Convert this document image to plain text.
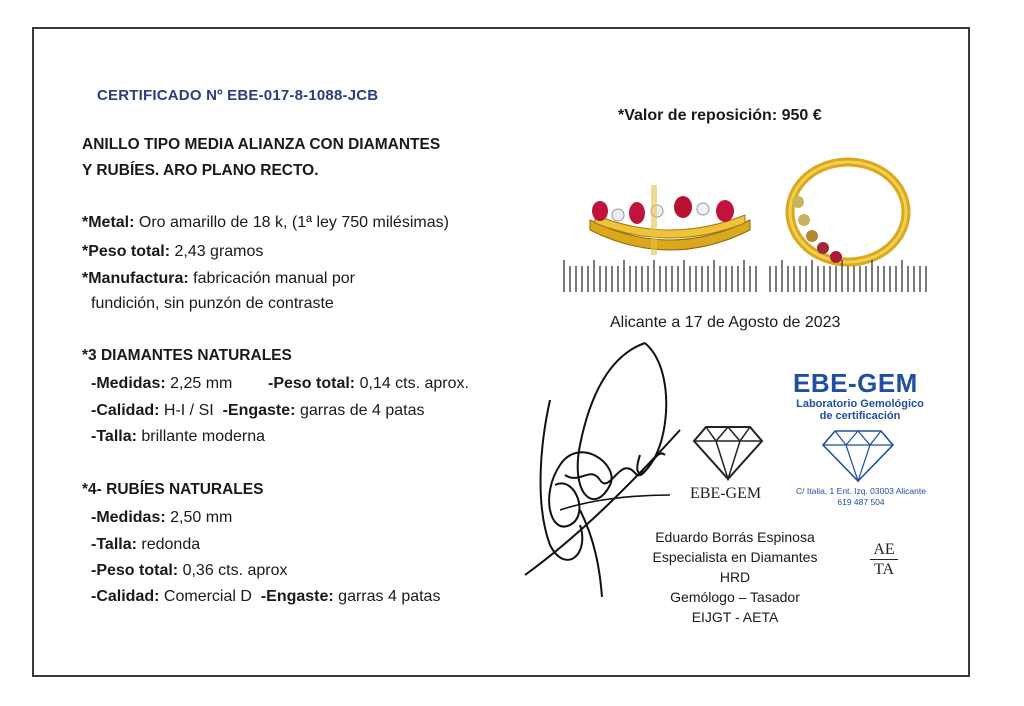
CERTIFICADO Nº EBE-017-8-1088-JCB
ANILLO TIPO MEDIA ALIANZA CON DIAMANTES
Y RUBÍES. ARO PLANO RECTO.
*Metal: Oro amarillo de 18 k, (1ª ley 750 milésimas)
*Peso total: 2,43 gramos
*Manufactura: fabricación manual por
fundición, sin punzón de contraste
*3 DIAMANTES NATURALES
-Medidas: 2,25 mm -Peso total: 0,14 cts. aprox.
-Calidad: H-I / SI -Engaste: garras de 4 patas
-Talla: brillante moderna
*4- RUBÍES NATURALES
-Medidas: 2,50 mm
-Talla: redonda
-Peso total: 0,36 cts. aprox
-Calidad: Comercial D -Engaste: garras 4 patas
*Valor de reposición: 950 €
Alicante a 17 de Agosto de 2023
EBE-GEM
EBE-GEM
Laboratorio Gemológico
de certificación
C/ Italia, 1 Ent. Izq. 03003 Alicante
619 487 504
Eduardo Borrás Espinosa
Especialista en Diamantes HRD
Gemólogo – Tasador
EIJGT - AETA
AE
TA
